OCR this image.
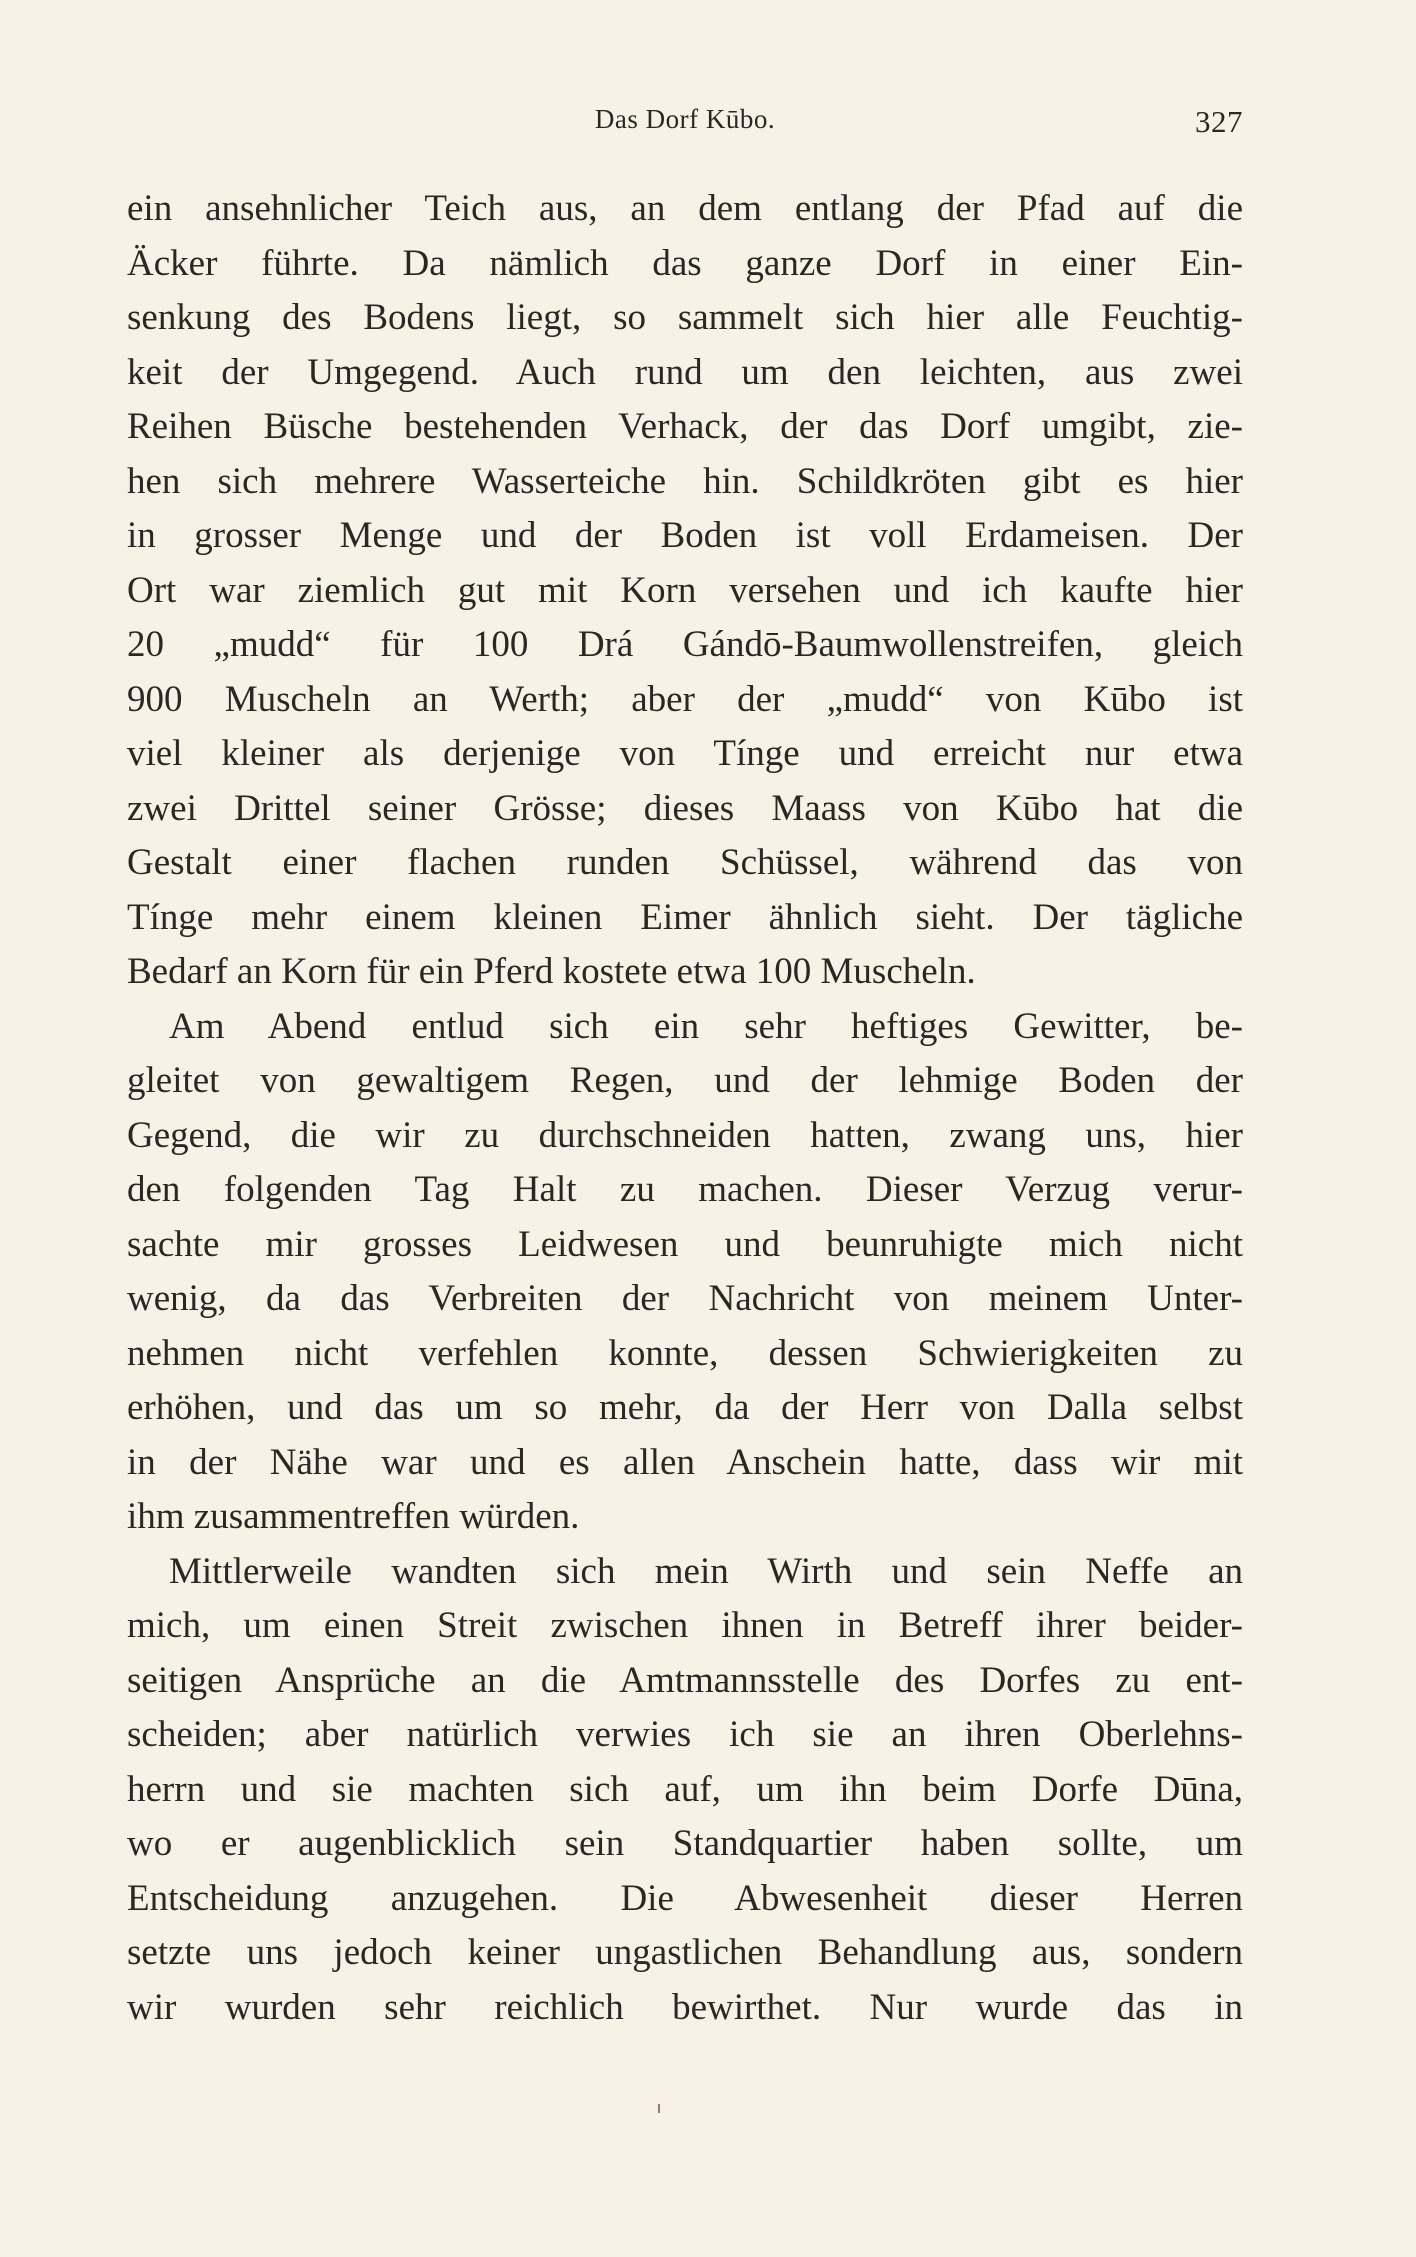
Das Dorf Kūbo.	327
ein ansehnlicher Teich aus, an dem entlang der Pfad auf die
Äcker führte. Da nämlich das ganze Dorf in einer Ein-
senkung des Bodens liegt, so sammelt sich hier alle Feuchtig-
keit der Umgegend. Auch rund um den leichten, aus zwei
Reihen Büsche bestehenden Verhack, der das Dorf umgibt, zie-
hen sich mehrere Wasserteiche hin. Schildkröten gibt es hier
in grosser Menge und der Boden ist voll Erdameisen. Der
Ort war ziemlich gut mit Korn versehen und ich kaufte hier
20 „mudd“ für 100 Drá Gándō-Baumwollenstreifen, gleich
900 Muscheln an Werth; aber der „mudd“ von Kūbo ist
viel kleiner als derjenige von Tínge und erreicht nur etwa
zwei Drittel seiner Grösse; dieses Maass von Kūbo hat die
Gestalt einer flachen runden Schüssel, während das von
Tínge mehr einem kleinen Eimer ähnlich sieht. Der tägliche
Bedarf an Korn für ein Pferd kostete etwa 100 Muscheln.
Am Abend entlud sich ein sehr heftiges Gewitter, be-
gleitet von gewaltigem Regen, und der lehmige Boden der
Gegend, die wir zu durchschneiden hatten, zwang uns, hier
den folgenden Tag Halt zu machen. Dieser Verzug verur-
sachte mir grosses Leidwesen und beunruhigte mich nicht
wenig, da das Verbreiten der Nachricht von meinem Unter-
nehmen nicht verfehlen konnte, dessen Schwierigkeiten zu
erhöhen, und das um so mehr, da der Herr von Dalla selbst
in der Nähe war und es allen Anschein hatte, dass wir mit
ihm zusammentreffen würden.
Mittlerweile wandten sich mein Wirth und sein Neffe an
mich, um einen Streit zwischen ihnen in Betreff ihrer beider-
seitigen Ansprüche an die Amtmannsstelle des Dorfes zu ent-
scheiden; aber natürlich verwies ich sie an ihren Oberlehns-
herrn und sie machten sich auf, um ihn beim Dorfe Dūna,
wo er augenblicklich sein Standquartier haben sollte, um
Entscheidung anzugehen. Die Abwesenheit dieser Herren
setzte uns jedoch keiner ungastlichen Behandlung aus, sondern
wir wurden sehr reichlich bewirthet. Nur wurde das in
